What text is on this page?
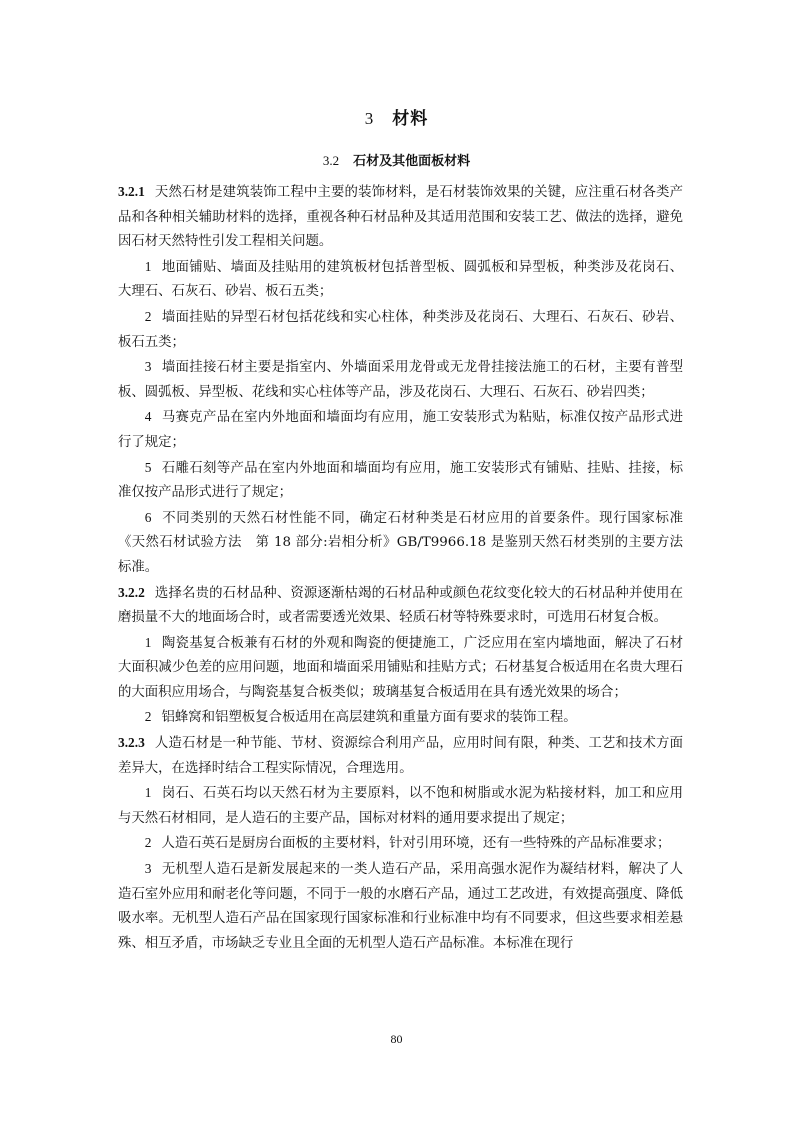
3 材料
3.2 石材及其他面板材料

3.2.1 天然石材是建筑装饰工程中主要的装饰材料，是石材装饰效果的关键，应注重石材各类产品和各种相关辅助材料的选择，重视各种石材品种及其适用范围和安装工艺、做法的选择，避免因石材天然特性引发工程相关问题。

1 地面铺贴、墙面及挂贴用的建筑板材包括普型板、圆弧板和异型板，种类涉及花岗石、大理石、石灰石、砂岩、板石五类；

2 墙面挂贴的异型石材包括花线和实心柱体，种类涉及花岗石、大理石、石灰石、砂岩、板石五类；

3 墙面挂接石材主要是指室内、外墙面采用龙骨或无龙骨挂接法施工的石材，主要有普型板、圆弧板、异型板、花线和实心柱体等产品，涉及花岗石、大理石、石灰石、砂岩四类；

4 马赛克产品在室内外地面和墙面均有应用，施工安装形式为粘贴，标准仅按产品形式进行了规定；

5 石雕石刻等产品在室内外地面和墙面均有应用，施工安装形式有铺贴、挂贴、挂接，标准仅按产品形式进行了规定；

6 不同类别的天然石材性能不同，确定石材种类是石材应用的首要条件。现行国家标准《天然石材试验方法　第 18 部分:岩相分析》GB/T9966.18 是鉴别天然石材类别的主要方法标准。

3.2.2 选择名贵的石材品种、资源逐渐枯竭的石材品种或颜色花纹变化较大的石材品种并使用在磨损量不大的地面场合时，或者需要透光效果、轻质石材等特殊要求时，可选用石材复合板。

1 陶瓷基复合板兼有石材的外观和陶瓷的便捷施工，广泛应用在室内墙地面，解决了石材大面积减少色差的应用问题，地面和墙面采用铺贴和挂贴方式；石材基复合板适用在名贵大理石的大面积应用场合，与陶瓷基复合板类似；玻璃基复合板适用在具有透光效果的场合；

2 铝蜂窝和铝塑板复合板适用在高层建筑和重量方面有要求的装饰工程。

3.2.3 人造石材是一种节能、节材、资源综合利用产品，应用时间有限，种类、工艺和技术方面差异大，在选择时结合工程实际情况，合理选用。

1 岗石、石英石均以天然石材为主要原料，以不饱和树脂或水泥为粘接材料，加工和应用与天然石材相同，是人造石的主要产品，国标对材料的通用要求提出了规定；

2 人造石英石是厨房台面板的主要材料，针对引用环境，还有一些特殊的产品标准要求；

3 无机型人造石是新发展起来的一类人造石产品，采用高强水泥作为凝结材料，解决了人造石室外应用和耐老化等问题，不同于一般的水磨石产品，通过工艺改进，有效提高强度、降低吸水率。无机型人造石产品在国家现行国家标准和行业标准中均有不同要求，但这些要求相差悬殊、相互矛盾，市场缺乏专业且全面的无机型人造石产品标准。本标准在现行

80
